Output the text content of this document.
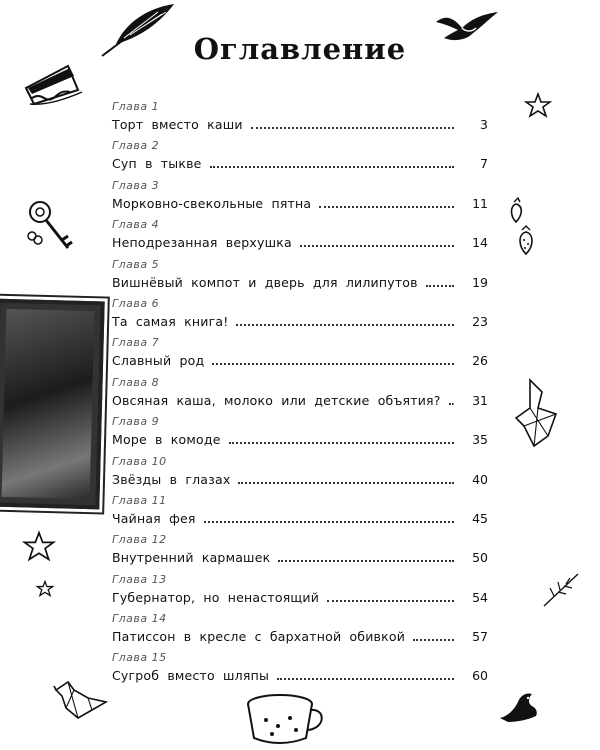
Оглавление
Глава 1
Торт вместо каши	3
Глава 2
Суп в тыкве	7
Глава 3
Морковно-свекольные пятна	11
Глава 4
Неподрезанная верхушка	14
Глава 5
Вишнёвый компот и дверь для лилипутов	19
Глава 6
Та самая книга!	23
Глава 7
Славный род	26
Глава 8
Овсяная каша, молоко или детские объятия?	31
Глава 9
Море в комоде	35
Глава 10
Звёзды в глазах	40
Глава 11
Чайная фея	45
Глава 12
Внутренний кармашек	50
Глава 13
Губернатор, но ненастоящий	54
Глава 14
Патиссон в кресле с бархатной обивкой	57
Глава 15
Сугроб вместо шляпы	60
